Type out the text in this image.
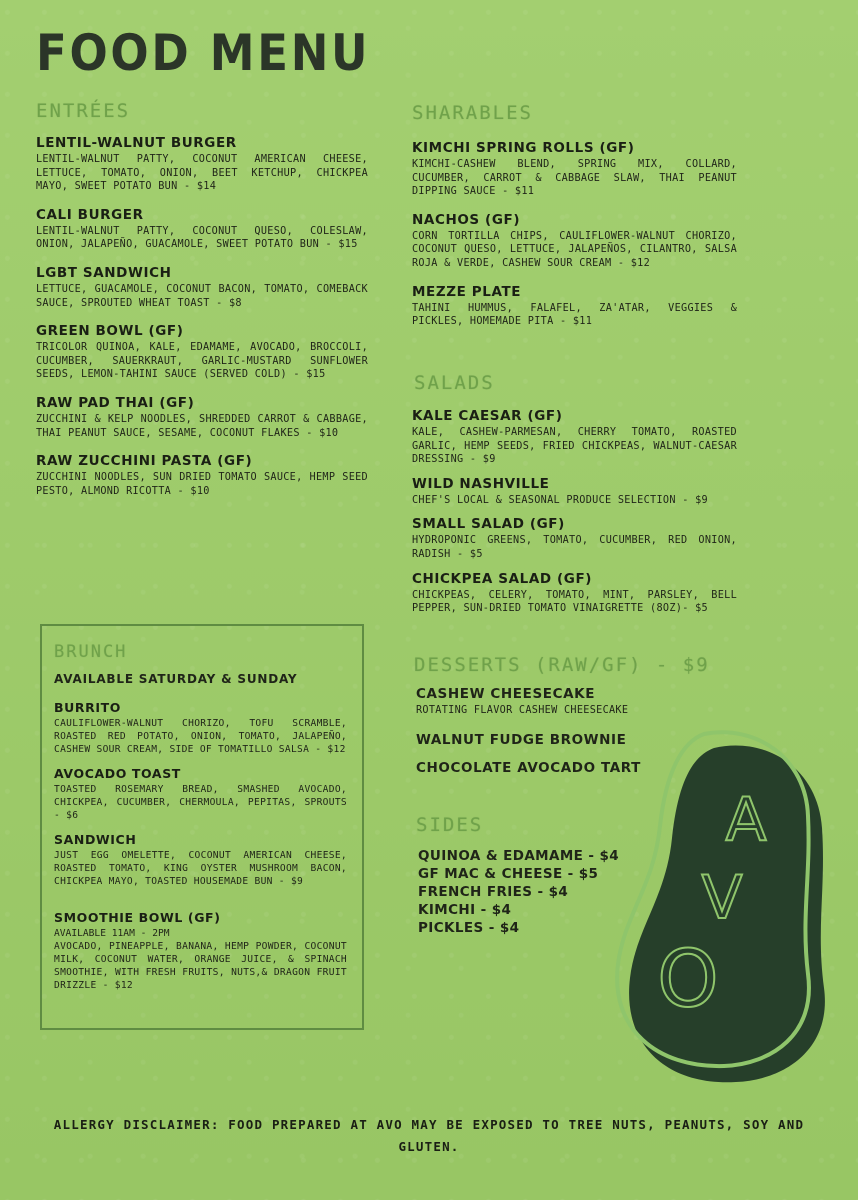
FOOD MENU
ENTRÉES
LENTIL-WALNUT BURGER
LENTIL-WALNUT PATTY, COCONUT AMERICAN CHEESE, LETTUCE, TOMATO, ONION, BEET KETCHUP, CHICKPEA MAYO, SWEET POTATO BUN - $14
CALI BURGER
LENTIL-WALNUT PATTY, COCONUT QUESO, COLESLAW, ONION, JALAPEÑO, GUACAMOLE, SWEET POTATO BUN - $15
LGBT SANDWICH
LETTUCE, GUACAMOLE, COCONUT BACON, TOMATO, COMEBACK SAUCE, SPROUTED WHEAT TOAST - $8
GREEN BOWL (GF)
TRICOLOR QUINOA, KALE, EDAMAME, AVOCADO, BROCCOLI, CUCUMBER, SAUERKRAUT, GARLIC-MUSTARD SUNFLOWER SEEDS, LEMON-TAHINI SAUCE (SERVED COLD) - $15
RAW PAD THAI (GF)
ZUCCHINI & KELP NOODLES, SHREDDED CARROT & CABBAGE, THAI PEANUT SAUCE, SESAME, COCONUT FLAKES - $10
RAW ZUCCHINI PASTA (GF)
ZUCCHINI NOODLES, SUN DRIED TOMATO SAUCE, HEMP SEED PESTO, ALMOND RICOTTA - $10
BRUNCH
AVAILABLE SATURDAY & SUNDAY
BURRITO
CAULIFLOWER-WALNUT CHORIZO, TOFU SCRAMBLE, ROASTED RED POTATO, ONION, TOMATO, JALAPEÑO, CASHEW SOUR CREAM, SIDE OF TOMATILLO SALSA - $12
AVOCADO TOAST
TOASTED ROSEMARY BREAD, SMASHED AVOCADO, CHICKPEA, CUCUMBER, CHERMOULA, PEPITAS, SPROUTS - $6
SANDWICH
JUST EGG OMELETTE, COCONUT AMERICAN CHEESE, ROASTED TOMATO, KING OYSTER MUSHROOM BACON, CHICKPEA MAYO, TOASTED HOUSEMADE BUN - $9
SMOOTHIE BOWL (GF)
AVAILABLE 11AM - 2PM
AVOCADO, PINEAPPLE, BANANA, HEMP POWDER, COCONUT MILK, COCONUT WATER, ORANGE JUICE, & SPINACH SMOOTHIE, WITH FRESH FRUITS, NUTS,& DRAGON FRUIT DRIZZLE - $12
SHARABLES
KIMCHI SPRING ROLLS (GF)
KIMCHI-CASHEW BLEND, SPRING MIX, COLLARD, CUCUMBER, CARROT & CABBAGE SLAW, THAI PEANUT DIPPING SAUCE - $11
NACHOS (GF)
CORN TORTILLA CHIPS, CAULIFLOWER-WALNUT CHORIZO, COCONUT QUESO, LETTUCE, JALAPEÑOS, CILANTRO, SALSA ROJA & VERDE, CASHEW SOUR CREAM - $12
MEZZE PLATE
TAHINI HUMMUS, FALAFEL, ZA'ATAR, VEGGIES & PICKLES, HOMEMADE PITA - $11
SALADS
KALE CAESAR (GF)
KALE, CASHEW-PARMESAN, CHERRY TOMATO, ROASTED GARLIC, HEMP SEEDS, FRIED CHICKPEAS, WALNUT-CAESAR DRESSING - $9
WILD NASHVILLE
CHEF'S LOCAL & SEASONAL PRODUCE SELECTION - $9
SMALL SALAD (GF)
HYDROPONIC GREENS, TOMATO, CUCUMBER, RED ONION, RADISH - $5
CHICKPEA SALAD (GF)
CHICKPEAS, CELERY, TOMATO, MINT, PARSLEY, BELL PEPPER, SUN-DRIED TOMATO VINAIGRETTE (8OZ)- $5
DESSERTS (RAW/GF) - $9
CASHEW CHEESECAKE
ROTATING FLAVOR CASHEW CHEESECAKE
WALNUT FUDGE BROWNIE
CHOCOLATE AVOCADO TART
SIDES
QUINOA & EDAMAME - $4
GF MAC & CHEESE - $5
FRENCH FRIES - $4
KIMCHI - $4
PICKLES - $4
A
V
O
ALLERGY DISCLAIMER: FOOD PREPARED AT AVO MAY BE EXPOSED TO TREE NUTS, PEANUTS, SOY AND GLUTEN.
